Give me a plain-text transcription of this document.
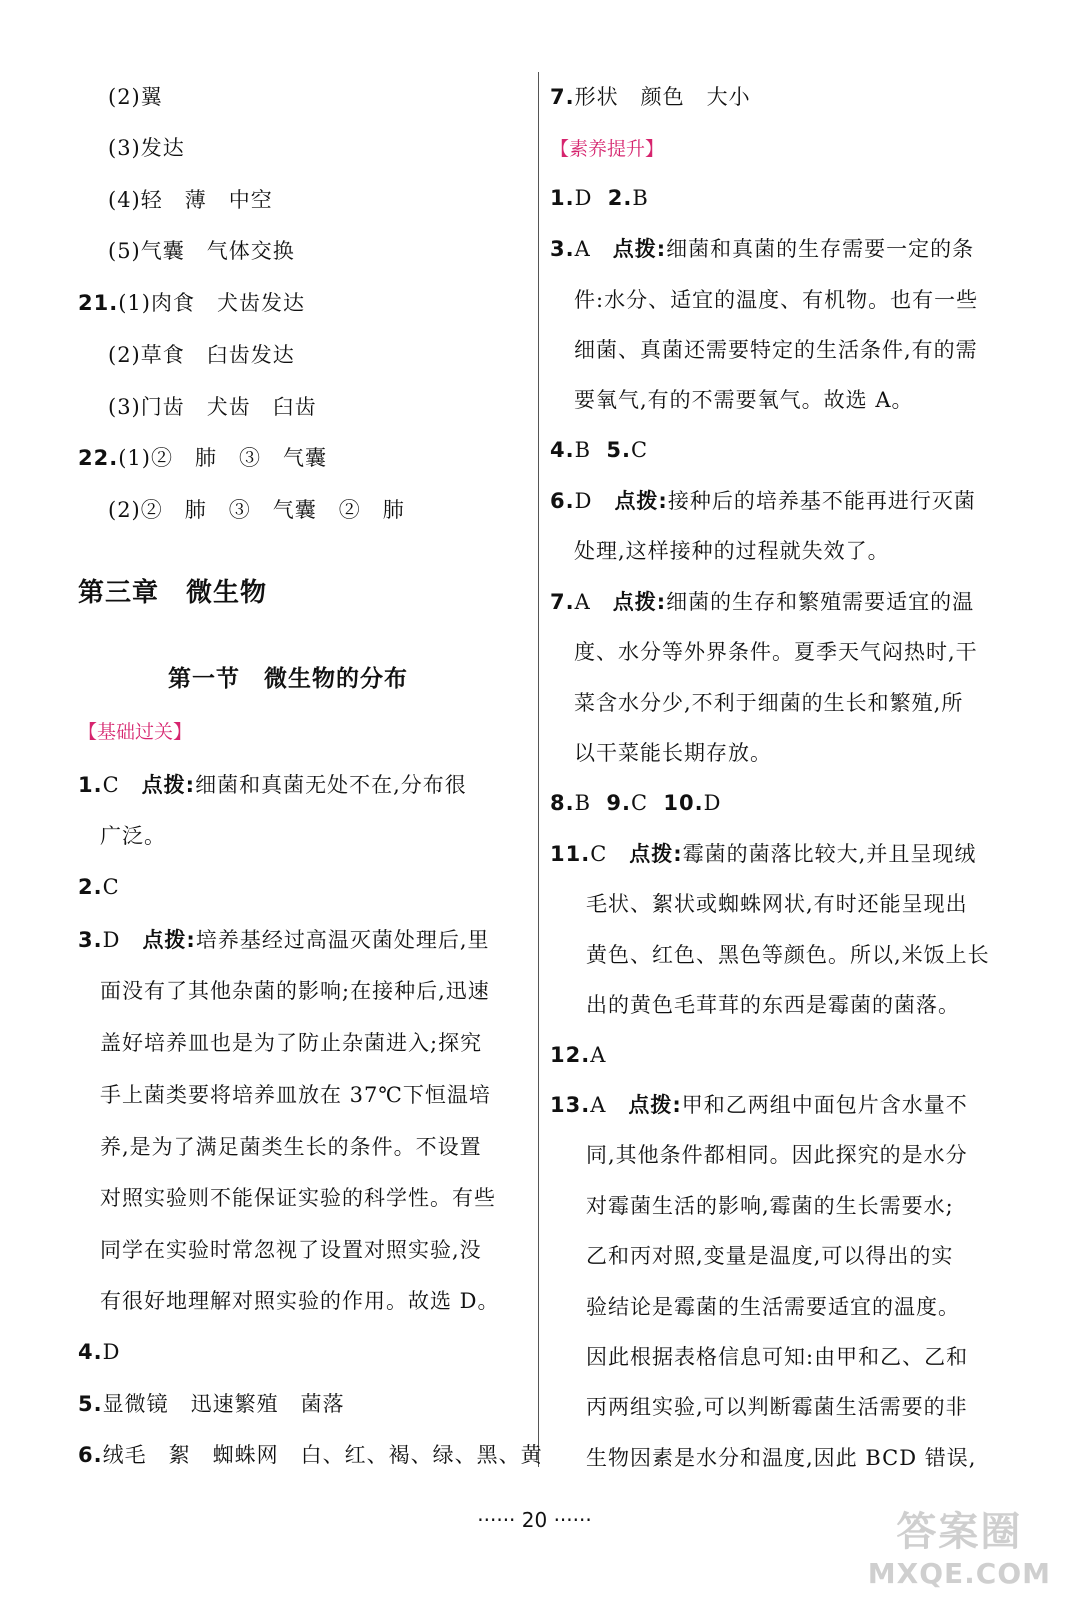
(2)翼
(3)发达
(4)轻　薄　中空
(5)气囊　气体交换
21.(1)肉食　犬齿发达
(2)草食　臼齿发达
(3)门齿　犬齿　臼齿
22.(1)②　肺　③　气囊
(2)②　肺　③　气囊　②　肺
第三章　微生物
第一节　微生物的分布
【基础过关】
1.C　 点拨:细菌和真菌无处不在,分布很
广泛。
2.C
3.D　 点拨:培养基经过高温灭菌处理后,里
面没有了其他杂菌的影响;在接种后,迅速
盖好培养皿也是为了防止杂菌进入;探究
手上菌类要将培养皿放在 37℃下恒温培
养,是为了满足菌类生长的条件。不设置
对照实验则不能保证实验的科学性。有些
同学在实验时常忽视了设置对照实验,没
有很好地理解对照实验的作用。故选 D。
4.D
5.显微镜　迅速繁殖　菌落
6.绒毛　絮　蜘蛛网　白、红、褐、绿、黑、黄
7.形状　颜色　大小
【素养提升】
1.D 2.B
3.A　 点拨:细菌和真菌的生存需要一定的条
件:水分、适宜的温度、有机物。也有一些
细菌、真菌还需要特定的生活条件,有的需
要氧气,有的不需要氧气。故选 A。
4.B 5.C
6.D　 点拨:接种后的培养基不能再进行灭菌
处理,这样接种的过程就失效了。
7.A　 点拨:细菌的生存和繁殖需要适宜的温
度、水分等外界条件。夏季天气闷热时,干
菜含水分少,不利于细菌的生长和繁殖,所
以干菜能长期存放。
8.B 9.C 10.D
11.C　 点拨:霉菌的菌落比较大,并且呈现绒
毛状、絮状或蜘蛛网状,有时还能呈现出
黄色、红色、黑色等颜色。所以,米饭上长
出的黄色毛茸茸的东西是霉菌的菌落。
12.A
13.A　 点拨:甲和乙两组中面包片含水量不
同,其他条件都相同。因此探究的是水分
对霉菌生活的影响,霉菌的生长需要水;
乙和丙对照,变量是温度,可以得出的实
验结论是霉菌的生活需要适宜的温度。
因此根据表格信息可知:由甲和乙、乙和
丙两组实验,可以判断霉菌生活需要的非
生物因素是水分和温度,因此 BCD 错误,
······ 20 ······	答案圈
MXQE.COM
